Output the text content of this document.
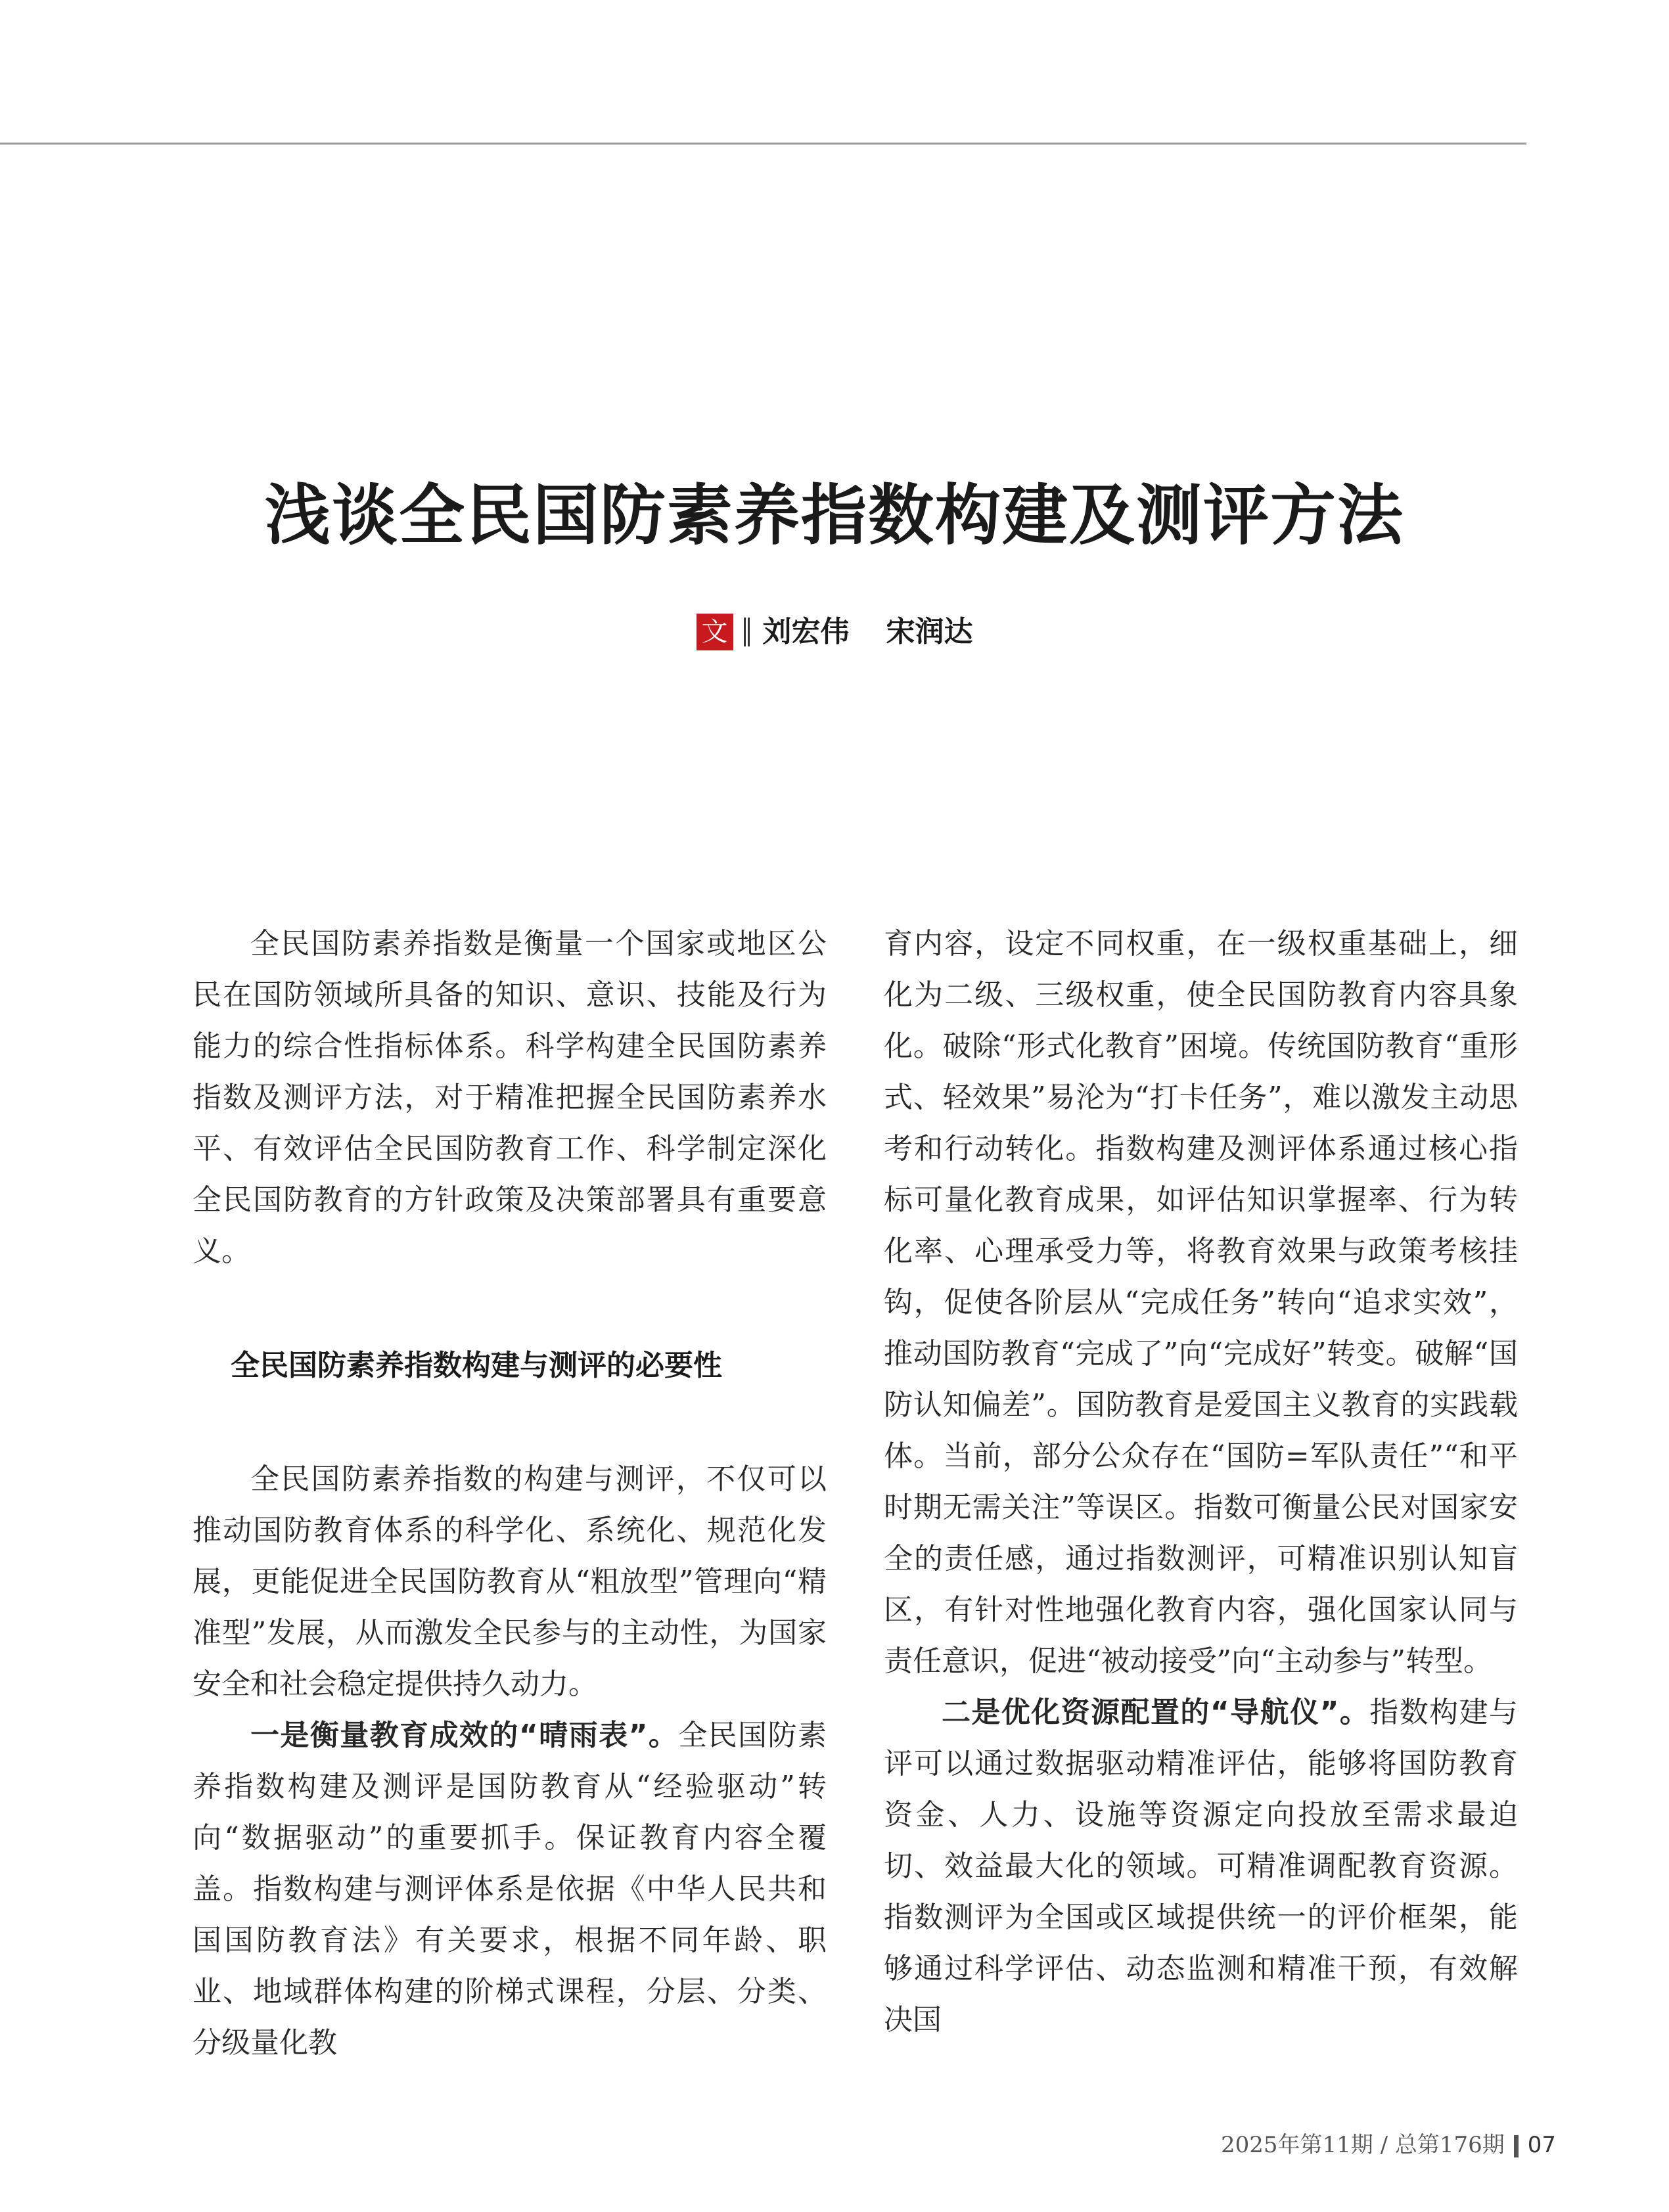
浅谈全民国防素养指数构建及测评方法
文 刘宏伟 宋润达

全民国防素养指数是衡量一个国家或地区公民在国防领域所具备的知识、意识、技能及行为能力的综合性指标体系。科学构建全民国防素养指数及测评方法，对于精准把握全民国防素养水平、有效评估全民国防教育工作、科学制定深化全民国防教育的方针政策及决策部署具有重要意义。

全民国防素养指数构建与测评的必要性

全民国防素养指数的构建与测评，不仅可以推动国防教育体系的科学化、系统化、规范化发展，更能促进全民国防教育从“粗放型”管理向“精准型”发展，从而激发全民参与的主动性，为国家安全和社会稳定提供持久动力。

一是衡量教育成效的“晴雨表”。全民国防素养指数构建及测评是国防教育从“经验驱动”转向“数据驱动”的重要抓手。保证教育内容全覆盖。指数构建与测评体系是依据《中华人民共和国国防教育法》有关要求，根据不同年龄、职业、地域群体构建的阶梯式课程，分层、分类、分级量化教

育内容，设定不同权重，在一级权重基础上，细化为二级、三级权重，使全民国防教育内容具象化。破除“形式化教育”困境。传统国防教育“重形式、轻效果”易沦为“打卡任务”，难以激发主动思考和行动转化。指数构建及测评体系通过核心指标可量化教育成果，如评估知识掌握率、行为转化率、心理承受力等，将教育效果与政策考核挂钩，促使各阶层从“完成任务”转向“追求实效”，推动国防教育“完成了”向“完成好”转变。破解“国防认知偏差”。国防教育是爱国主义教育的实践载体。当前，部分公众存在“国防=军队责任”“和平时期无需关注”等误区。指数可衡量公民对国家安全的责任感，通过指数测评，可精准识别认知盲区，有针对性地强化教育内容，强化国家认同与责任意识，促进“被动接受”向“主动参与”转型。

二是优化资源配置的“导航仪”。指数构建与评可以通过数据驱动精准评估，能够将国防教育资金、人力、设施等资源定向投放至需求最迫切、效益最大化的领域。可精准调配教育资源。指数测评为全国或区域提供统一的评价框架，能够通过科学评估、动态监测和精准干预，有效解决国

2025年第11期 / 总第176期 07
